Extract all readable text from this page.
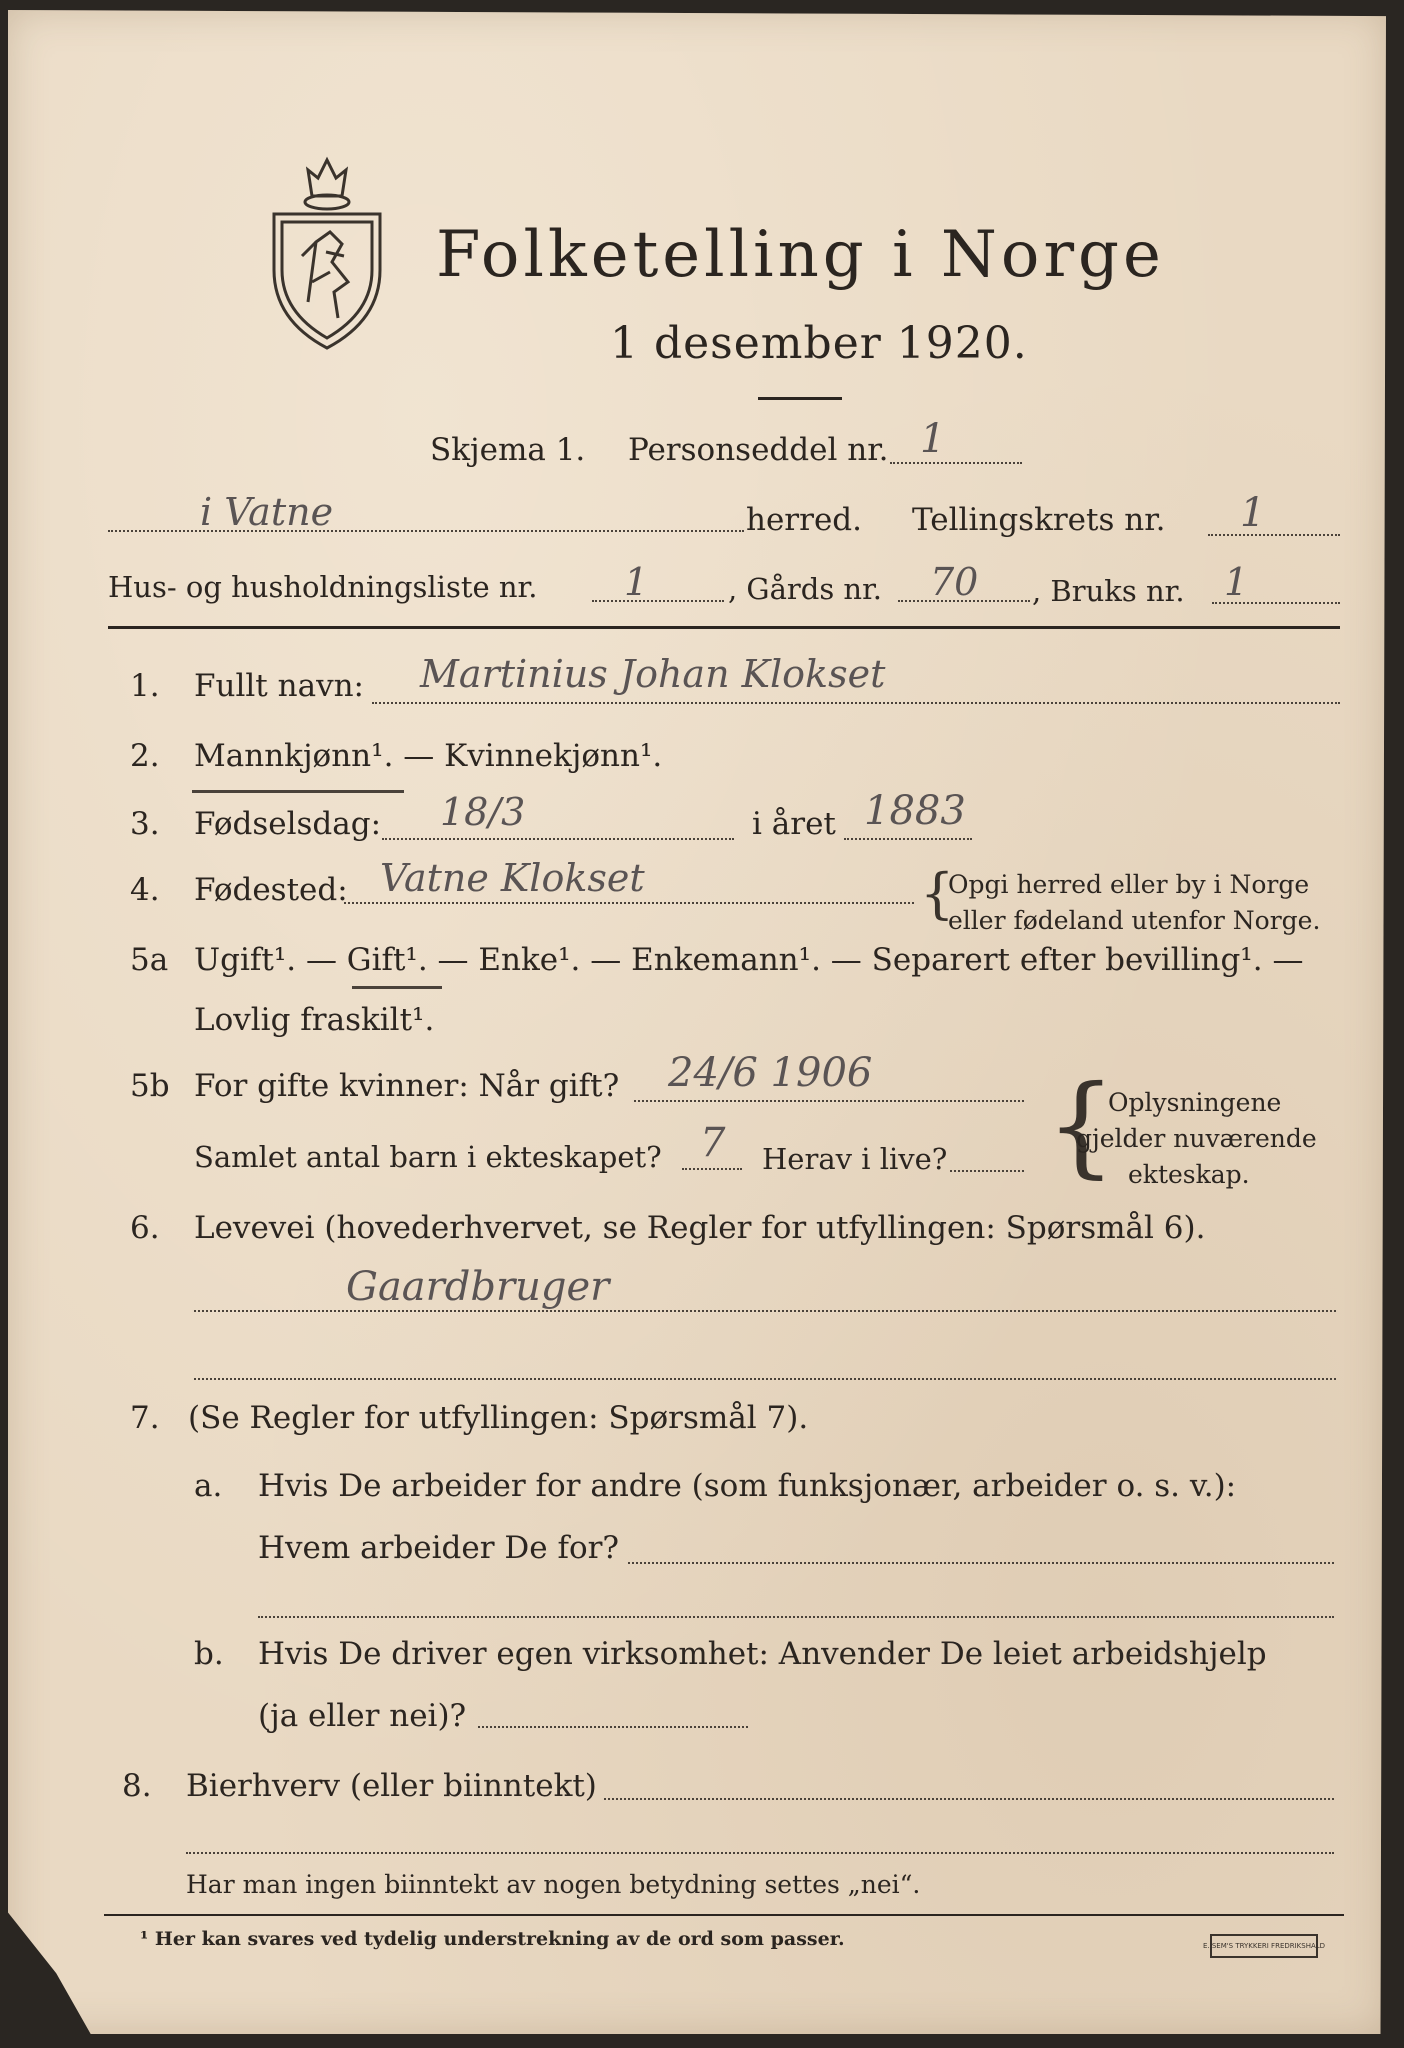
Folketelling i Norge
1 desember 1920.
Skjema 1. Personseddel nr. 1
i Vatne	herred. Tellingskrets nr. 1
Hus- og husholdningsliste nr. 1	, Gårds nr. 70 , Bruks nr. 1
1. Fullt navn: Martinius Johan Klokset
2. Mannkjønn¹. — Kvinnekjønn¹.
3. Fødselsdag: 18/3	i året 1883
4. Fødested: Vatne Klokset	{
Opgi herred eller by i Norge
eller fødeland utenfor Norge.
5a Ugift¹. — Gift¹. — Enke¹. — Enkemann¹. — Separert efter bevilling¹. —
Lovlig fraskilt¹.
5b For gifte kvinner: Når gift? 24/6 1906
Samlet antal barn i ekteskapet? 7 Herav i live? {
Oplysningene
gjelder nuværende
ekteskap.
6. Levevei (hovederhvervet, se Regler for utfyllingen: Spørsmål 6).
Gaardbruger
7. (Se Regler for utfyllingen: Spørsmål 7).
a. Hvis De arbeider for andre (som funksjonær, arbeider o. s. v.):
Hvem arbeider De for?
b. Hvis De driver egen virksomhet: Anvender De leiet arbeidshjelp
(ja eller nei)?
8. Bierhverv (eller biinntekt)
Har man ingen biinntekt av nogen betydning settes „nei“.
¹ Her kan svares ved tydelig understrekning av de ord som passer.	E. SEM'S TRYKKERI FREDRIKSHALD
